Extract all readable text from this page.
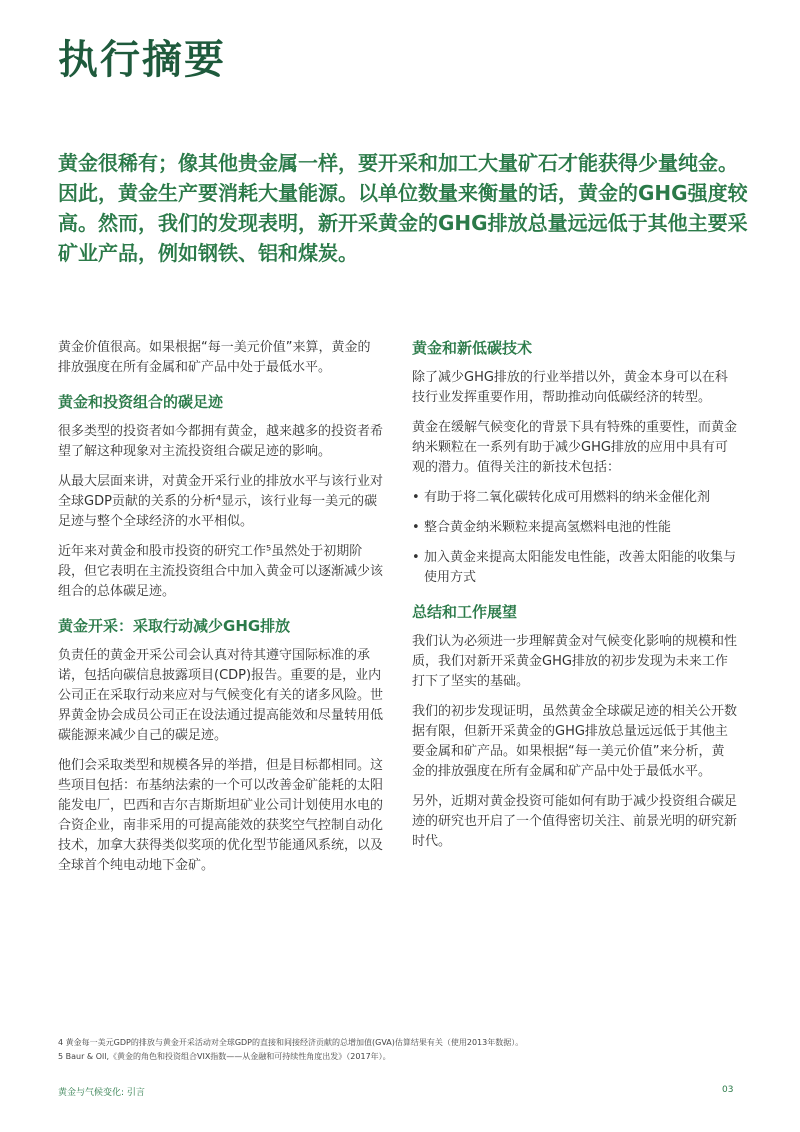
执行摘要

黄金很稀有；像其他贵金属一样，要开采和加工大量矿石才能获得少量纯金。因此，黄金生产要消耗大量能源。以单位数量来衡量的话，黄金的GHG强度较高。然而，我们的发现表明，新开采黄金的GHG排放总量远远低于其他主要采矿业产品，例如钢铁、铝和煤炭。

黄金价值很高。如果根据“每一美元价值”来算，黄金的排放强度在所有金属和矿产品中处于最低水平。

黄金和投资组合的碳足迹

很多类型的投资者如今都拥有黄金，越来越多的投资者希望了解这种现象对主流投资组合碳足迹的影响。

从最大层面来讲，对黄金开采行业的排放水平与该行业对全球GDP贡献的关系的分析⁴显示，该行业每一美元的碳足迹与整个全球经济的水平相似。

近年来对黄金和股市投资的研究工作⁵虽然处于初期阶段，但它表明在主流投资组合中加入黄金可以逐渐减少该组合的总体碳足迹。

黄金开采：采取行动减少GHG排放

负责任的黄金开采公司会认真对待其遵守国际标准的承诺，包括向碳信息披露项目(CDP)报告。重要的是，业内公司正在采取行动来应对与气候变化有关的诸多风险。世界黄金协会成员公司正在设法通过提高能效和尽量转用低碳能源来减少自己的碳足迹。

他们会采取类型和规模各异的举措，但是目标都相同。这些项目包括：布基纳法索的一个可以改善金矿能耗的太阳能发电厂，巴西和吉尔吉斯斯坦矿业公司计划使用水电的合资企业，南非采用的可提高能效的获奖空气控制自动化技术，加拿大获得类似奖项的优化型节能通风系统，以及全球首个纯电动地下金矿。

黄金和新低碳技术

除了减少GHG排放的行业举措以外，黄金本身可以在科技行业发挥重要作用，帮助推动向低碳经济的转型。

黄金在缓解气候变化的背景下具有特殊的重要性，而黄金纳米颗粒在一系列有助于减少GHG排放的应用中具有可观的潜力。值得关注的新技术包括：

• 有助于将二氧化碳转化成可用燃料的纳米金催化剂
• 整合黄金纳米颗粒来提高氢燃料电池的性能
• 加入黄金来提高太阳能发电性能，改善太阳能的收集与使用方式
总结和工作展望

我们认为必须进一步理解黄金对气候变化影响的规模和性质，我们对新开采黄金GHG排放的初步发现为未来工作打下了坚实的基础。

我们的初步发现证明，虽然黄金全球碳足迹的相关公开数据有限，但新开采黄金的GHG排放总量远远低于其他主要金属和矿产品。如果根据“每一美元价值”来分析，黄金的排放强度在所有金属和矿产品中处于最低水平。

另外，近期对黄金投资可能如何有助于减少投资组合碳足迹的研究也开启了一个值得密切关注、前景光明的研究新时代。

4 黄金每一美元GDP的排放与黄金开采活动对全球GDP的直接和间接经济贡献的总增加值(GVA)估算结果有关（使用2013年数据）。
5 Baur & Oll,《黄金的角色和投资组合VIX指数——从金融和可持续性角度出发》（2017年）。
黄金与气候变化: 引言	03
